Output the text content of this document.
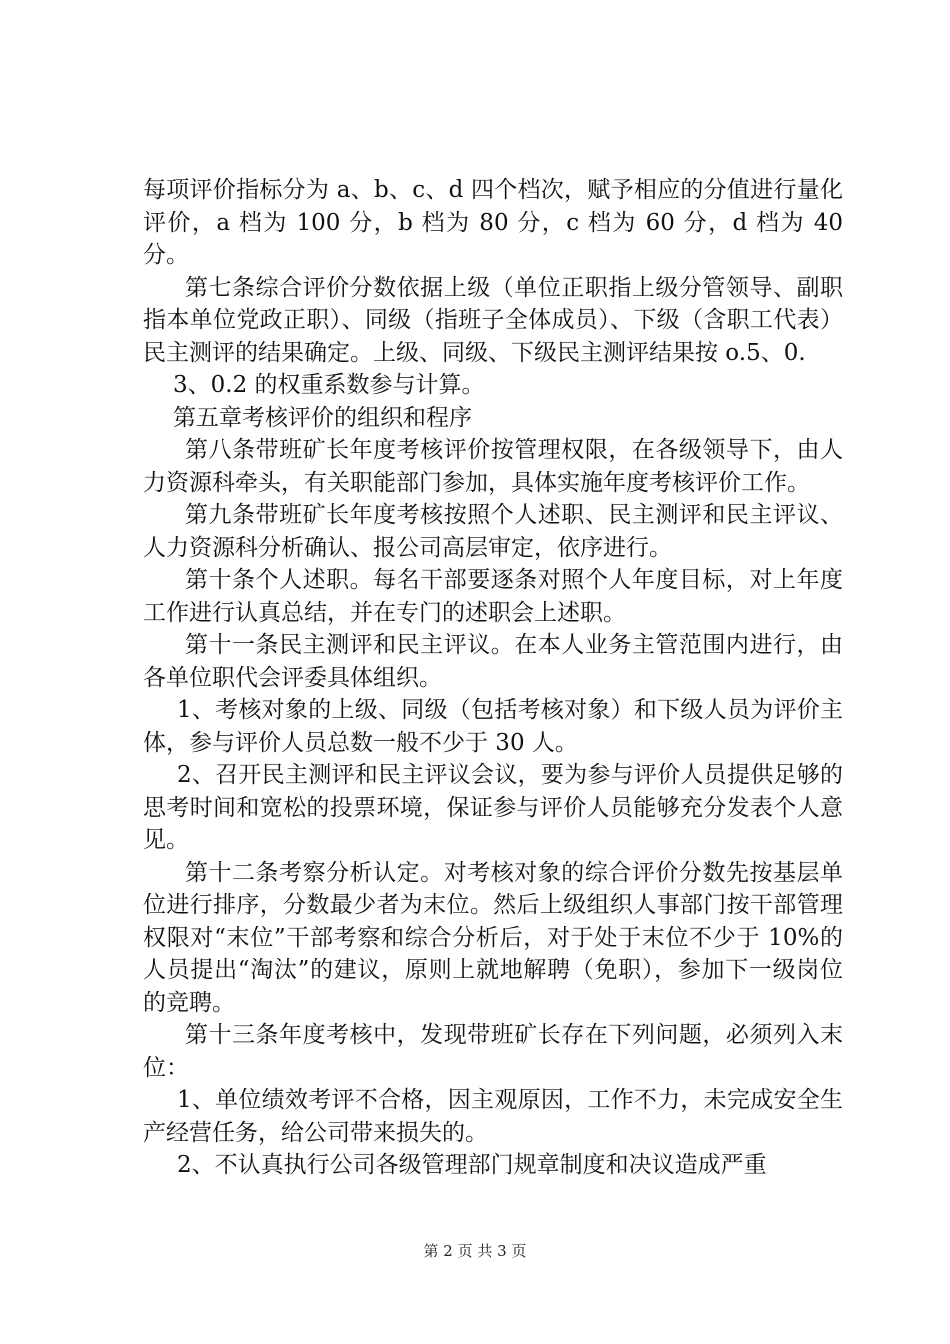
每项评价指标分为 a、b、c、d 四个档次，赋予相应的分值进行量化评价，a 档为 100 分，b 档为 80 分，c 档为 60 分，d 档为 40 分。

第七条综合评价分数依据上级（单位正职指上级分管领导、副职指本单位党政正职）、同级（指班子全体成员）、下级（含职工代表）民主测评的结果确定。上级、同级、下级民主测评结果按 o.5、0.

3、0.2 的权重系数参与计算。

第五章考核评价的组织和程序

第八条带班矿长年度考核评价按管理权限，在各级领导下，由人力资源科牵头，有关职能部门参加，具体实施年度考核评价工作。

第九条带班矿长年度考核按照个人述职、民主测评和民主评议、人力资源科分析确认、报公司高层审定，依序进行。

第十条个人述职。每名干部要逐条对照个人年度目标，对上年度工作进行认真总结，并在专门的述职会上述职。

第十一条民主测评和民主评议。在本人业务主管范围内进行，由各单位职代会评委具体组织。

1、考核对象的上级、同级（包括考核对象）和下级人员为评价主体，参与评价人员总数一般不少于 30 人。

2、召开民主测评和民主评议会议，要为参与评价人员提供足够的思考时间和宽松的投票环境，保证参与评价人员能够充分发表个人意见。

第十二条考察分析认定。对考核对象的综合评价分数先按基层单位进行排序，分数最少者为末位。然后上级组织人事部门按干部管理权限对“末位”干部考察和综合分析后，对于处于末位不少于 10%的人员提出“淘汰”的建议，原则上就地解聘（免职），参加下一级岗位的竞聘。

第十三条年度考核中，发现带班矿长存在下列问题，必须列入末位：

1、单位绩效考评不合格，因主观原因，工作不力，未完成安全生产经营任务，给公司带来损失的。

2、不认真执行公司各级管理部门规章制度和决议造成严重

第 2 页 共 3 页
